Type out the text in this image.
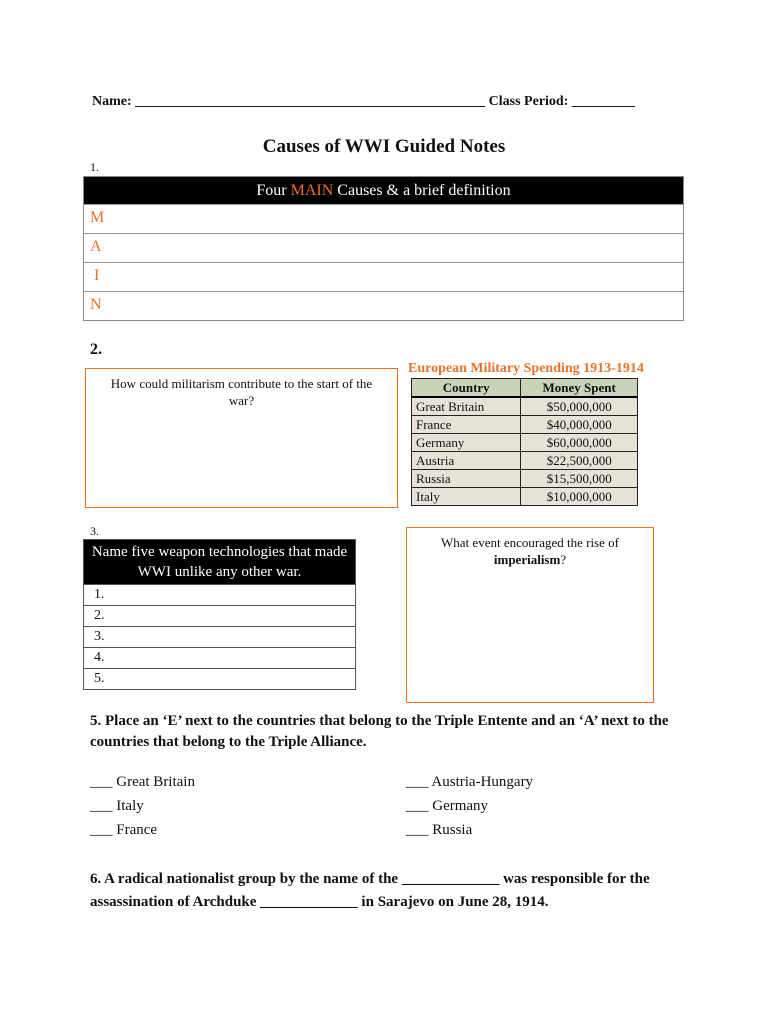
Name: __________________________________________________ Class Period: _________
Causes of WWI Guided Notes
1.
Four MAIN Causes & a brief definition
M
A
I
N
2.
How could militarism contribute to the start of the war?
European Military Spending 1913-1914
Country	Money Spent
Great Britain	$50,000,000
France	$40,000,000
Germany	$60,000,000
Austria	$22,500,000
Russia	$15,500,000
Italy	$10,000,000
3.
Name five weapon technologies that made WWI unlike any other war.
1.
2.
3.
4.
5.
What event encouraged the rise of
imperialism?
5. Place an ‘E’ next to the countries that belong to the Triple Entente and an ‘A’ next to the countries that belong to the Triple Alliance.
___ Great Britain
___ Italy
___ France
___ Austria-Hungary
___ Germany
___ Russia
6. A radical nationalist group by the name of the _____________ was responsible for the assassination of Archduke _____________ in Sarajevo on June 28, 1914.
